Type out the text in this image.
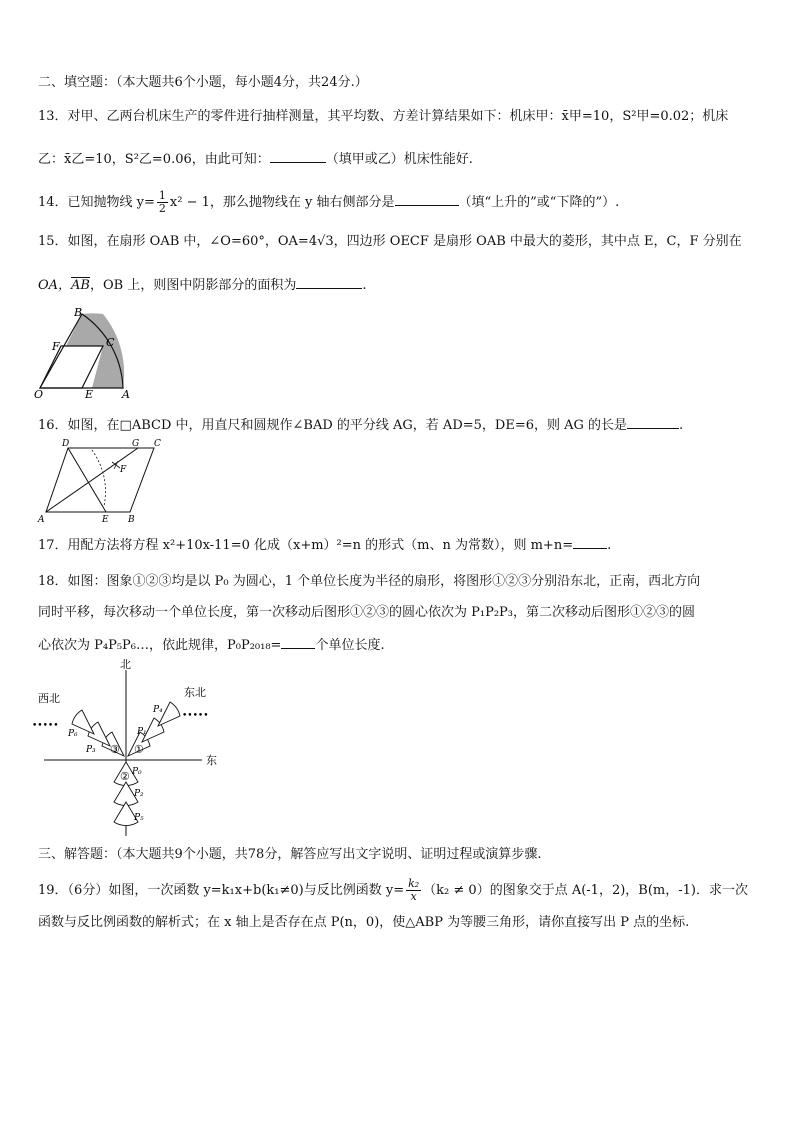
二、填空题：（本大题共6个小题，每小题4分，共24分.）
13．对甲、乙两台机床生产的零件进行抽样测量，其平均数、方差计算结果如下：机床甲：x̄甲=10，S²甲=0.02；机床
乙：x̄乙=10，S²乙=0.06，由此可知：	（填甲或乙）机床性能好.
14．已知抛物线 $y= \frac{1}{2} x^2 - 1$，那么抛物线在 y 轴右侧部分是	（填“上升的”或“下降的”）.
15．如图，在扇形 OAB 中，∠O=60°，OA=4√3，四边形 OECF 是扇形 OAB 中最大的菱形，其中点 E，C，F 分别在
OA，$\overline{AB}$，OB 上，则图中阴影部分的面积为	.
B
F	C
O	E	A
16．如图，在□ABCD 中，用直尺和圆规作∠BAD 的平分线 AG，若 AD=5，DE=6，则 AG 的长是	.
D	G C
F
A	E B
17．用配方法将方程 x²+10x-11=0 化成（x+m）²=n 的形式（m、n 为常数），则 m+n=	.
18．如图：图象①②③均是以 P₀ 为圆心，1 个单位长度为半径的扇形，将图形①②③分别沿东北，正南，西北方向
同时平移，每次移动一个单位长度，第一次移动后图形①②③的圆心依次为 P₁P₂P₃，第二次移动后图形①②③的圆
心依次为 P₄P₅P₆…，依此规律，P₀P₂₀₁₈=	个单位长度.
北
东
东北
西北
①
P₁
P₄
•••••
③
P₃
P₆
•••••
② P₀
P₂
P₅
三、解答题：（本大题共9个小题，共78分，解答应写出文字说明、证明过程或演算步骤.
19．（6分）如图，一次函数 y=k₁x+b(k₁≠0)与反比例函数 $y= \frac{\text{k₂}}{x} (k_2 \ne 0)$的图象交于点 A(-1，2)，B(m，-1)．求一次
函数与反比例函数的解析式；在 x 轴上是否存在点 P(n，0)，使△ABP 为等腰三角形，请你直接写出 P 点的坐标.
